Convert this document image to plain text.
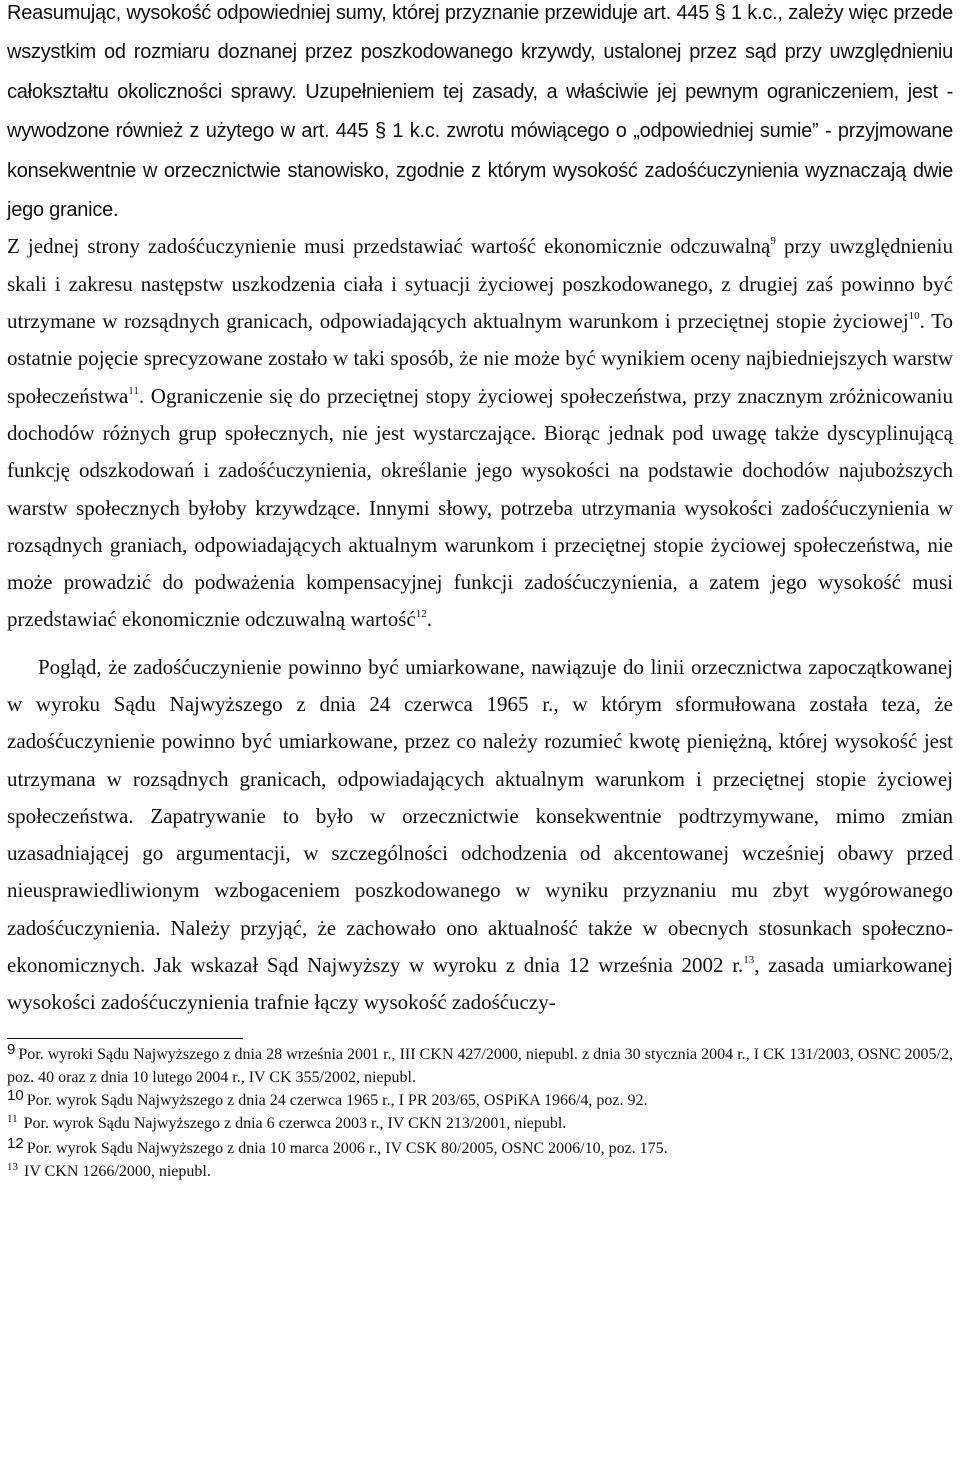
Reasumując, wysokość odpowiedniej sumy, której przyznanie przewiduje art. 445 § 1 k.c., zależy więc przede wszystkim od rozmiaru doznanej przez poszkodowanego krzywdy, ustalonej przez sąd przy uwzględnieniu całokształtu okoliczności sprawy. Uzupełnieniem tej zasady, a właściwie jej pewnym ograniczeniem, jest - wywodzone również z użytego w art. 445 § 1 k.c. zwrotu mówiącego o „odpowiedniej sumie” - przyjmowane konsekwentnie w orzecznictwie stanowisko, zgodnie z którym wysokość zadośćuczynienia wyznaczają dwie jego granice.

Z jednej strony zadośćuczynienie musi przedstawiać wartość ekonomicznie odczuwalną$^9$ przy uwzględnieniu skali i zakresu następstw uszkodzenia ciała i sytuacji życiowej poszkodowanego, z drugiej zaś powinno być utrzymane w rozsądnych granicach, odpowiadających aktualnym warunkom i przeciętnej stopie życiowej$^{10}$. To ostatnie pojęcie sprecyzowane zostało w taki sposób, że nie może być wynikiem oceny najbiedniejszych warstw społeczeństwa$^{11}$. Ograniczenie się do przeciętnej stopy życiowej społeczeństwa, przy znacznym zróżnicowaniu dochodów różnych grup społecznych, nie jest wystarczające. Biorąc jednak pod uwagę także dyscyplinującą funkcję odszkodowań i zadośćuczynienia, określanie jego wysokości na podstawie dochodów najuboższych warstw społecznych byłoby krzywdzące. Innymi słowy, potrzeba utrzymania wysokości zadośćuczynienia w rozsądnych graniach, odpowiadających aktualnym warunkom i przeciętnej stopie życiowej społeczeństwa, nie może prowadzić do podważenia kompensacyjnej funkcji zadośćuczynienia, a zatem jego wysokość musi przedstawiać ekonomicznie odczuwalną wartość$^{12}$.

Pogląd, że zadośćuczynienie powinno być umiarkowane, nawiązuje do linii orzecznictwa zapoczątkowanej w wyroku Sądu Najwyższego z dnia 24 czerwca 1965 r., w którym sformułowana została teza, że zadośćuczynienie powinno być umiarkowane, przez co należy rozumieć kwotę pieniężną, której wysokość jest utrzymana w rozsądnych granicach, odpowiadających aktualnym warunkom i przeciętnej stopie życiowej społeczeństwa. Zapatrywanie to było w orzecznictwie konsekwentnie podtrzymywane, mimo zmian uzasadniającej go argumentacji, w szczególności odchodzenia od akcentowanej wcześniej obawy przed nieusprawiedliwionym wzbogaceniem poszkodowanego w wyniku przyznaniu mu zbyt wygórowanego zadośćuczynienia. Należy przyjąć, że zachowało ono aktualność także w obecnych stosunkach społeczno-ekonomicznych. Jak wskazał Sąd Najwyższy w wyroku z dnia 12 września 2002 r.$^{13}$, zasada umiarkowanej wysokości zadośćuczynienia trafnie łączy wysokość zadośćuczy-

9 Por. wyroki Sądu Najwyższego z dnia 28 września 2001 r., III CKN 427/2000, niepubl. z dnia 30 stycznia 2004 r., I CK 131/2003, OSNC 2005/2, poz. 40 oraz z dnia 10 lutego 2004 r., IV CK 355/2002, niepubl.

10 Por. wyrok Sądu Najwyższego z dnia 24 czerwca 1965 r., I PR 203/65, OSPiKA 1966/4, poz. 92.

11 Por. wyrok Sądu Najwyższego z dnia 6 czerwca 2003 r., IV CKN 213/2001, niepubl.

12 Por. wyrok Sądu Najwyższego z dnia 10 marca 2006 r., IV CSK 80/2005, OSNC 2006/10, poz. 175.

13 IV CKN 1266/2000, niepubl.
